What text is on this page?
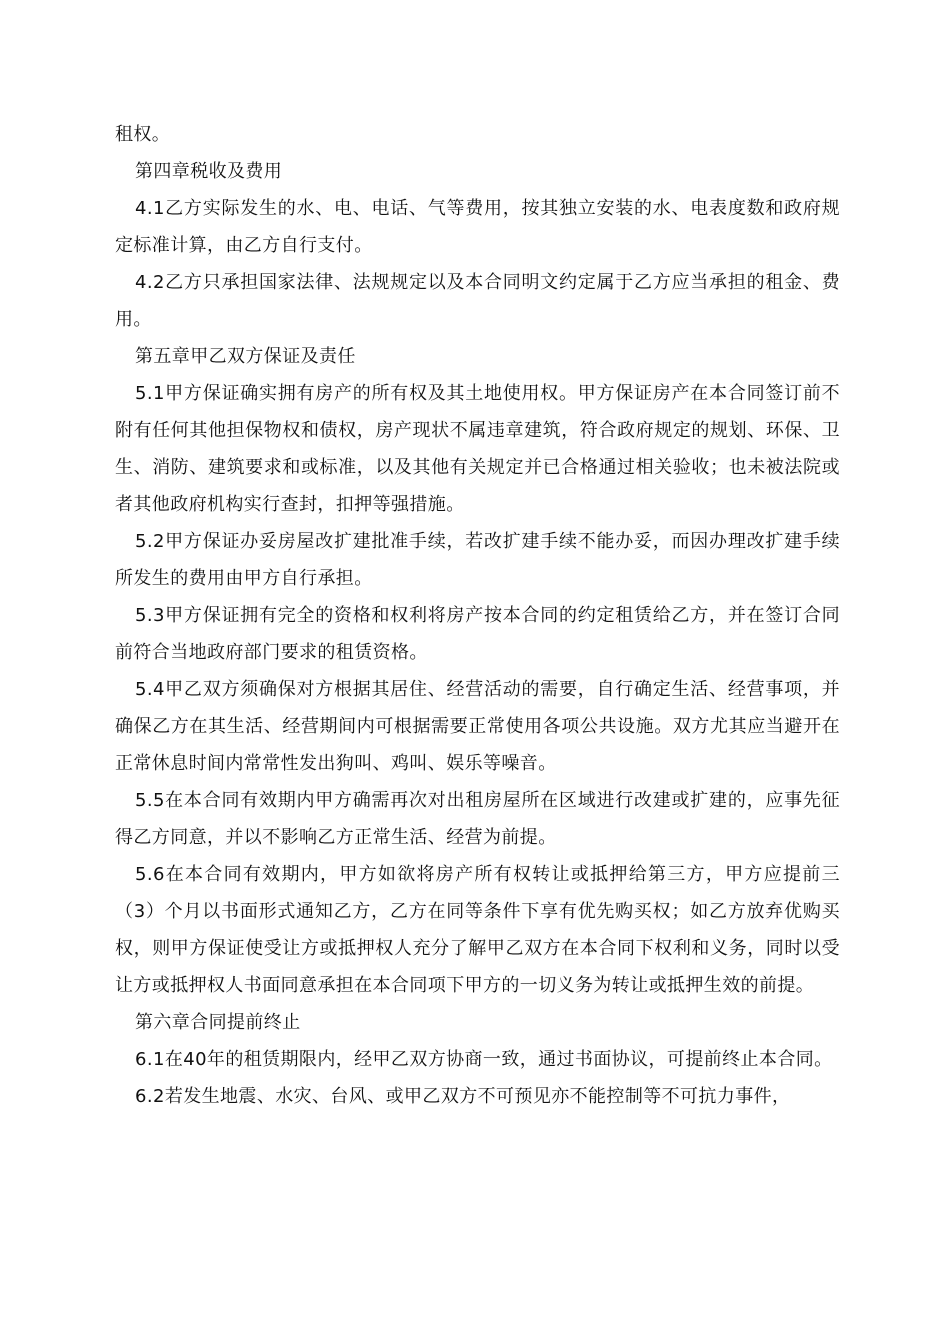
租权。

第四章税收及费用

4.1乙方实际发生的水、电、电话、气等费用，按其独立安装的水、电表度数和政府规定标准计算，由乙方自行支付。

4.2乙方只承担国家法律、法规规定以及本合同明文约定属于乙方应当承担的租金、费用。

第五章甲乙双方保证及责任

5.1甲方保证确实拥有房产的所有权及其土地使用权。甲方保证房产在本合同签订前不附有任何其他担保物权和债权，房产现状不属违章建筑，符合政府规定的规划、环保、卫生、消防、建筑要求和或标准，以及其他有关规定并已合格通过相关验收；也未被法院或者其他政府机构实行查封，扣押等强措施。

5.2甲方保证办妥房屋改扩建批准手续，若改扩建手续不能办妥，而因办理改扩建手续所发生的费用由甲方自行承担。

5.3甲方保证拥有完全的资格和权利将房产按本合同的约定租赁给乙方，并在签订合同前符合当地政府部门要求的租赁资格。

5.4甲乙双方须确保对方根据其居住、经营活动的需要，自行确定生活、经营事项，并确保乙方在其生活、经营期间内可根据需要正常使用各项公共设施。双方尤其应当避开在正常休息时间内常常性发出狗叫、鸡叫、娱乐等噪音。

5.5在本合同有效期内甲方确需再次对出租房屋所在区域进行改建或扩建的，应事先征得乙方同意，并以不影响乙方正常生活、经营为前提。

5.6在本合同有效期内，甲方如欲将房产所有权转让或抵押给第三方，甲方应提前三（3）个月以书面形式通知乙方，乙方在同等条件下享有优先购买权；如乙方放弃优购买权，则甲方保证使受让方或抵押权人充分了解甲乙双方在本合同下权利和义务，同时以受让方或抵押权人书面同意承担在本合同项下甲方的一切义务为转让或抵押生效的前提。

第六章合同提前终止

6.1在40年的租赁期限内，经甲乙双方协商一致，通过书面协议，可提前终止本合同。

6.2若发生地震、水灾、台风、或甲乙双方不可预见亦不能控制等不可抗力事件，
